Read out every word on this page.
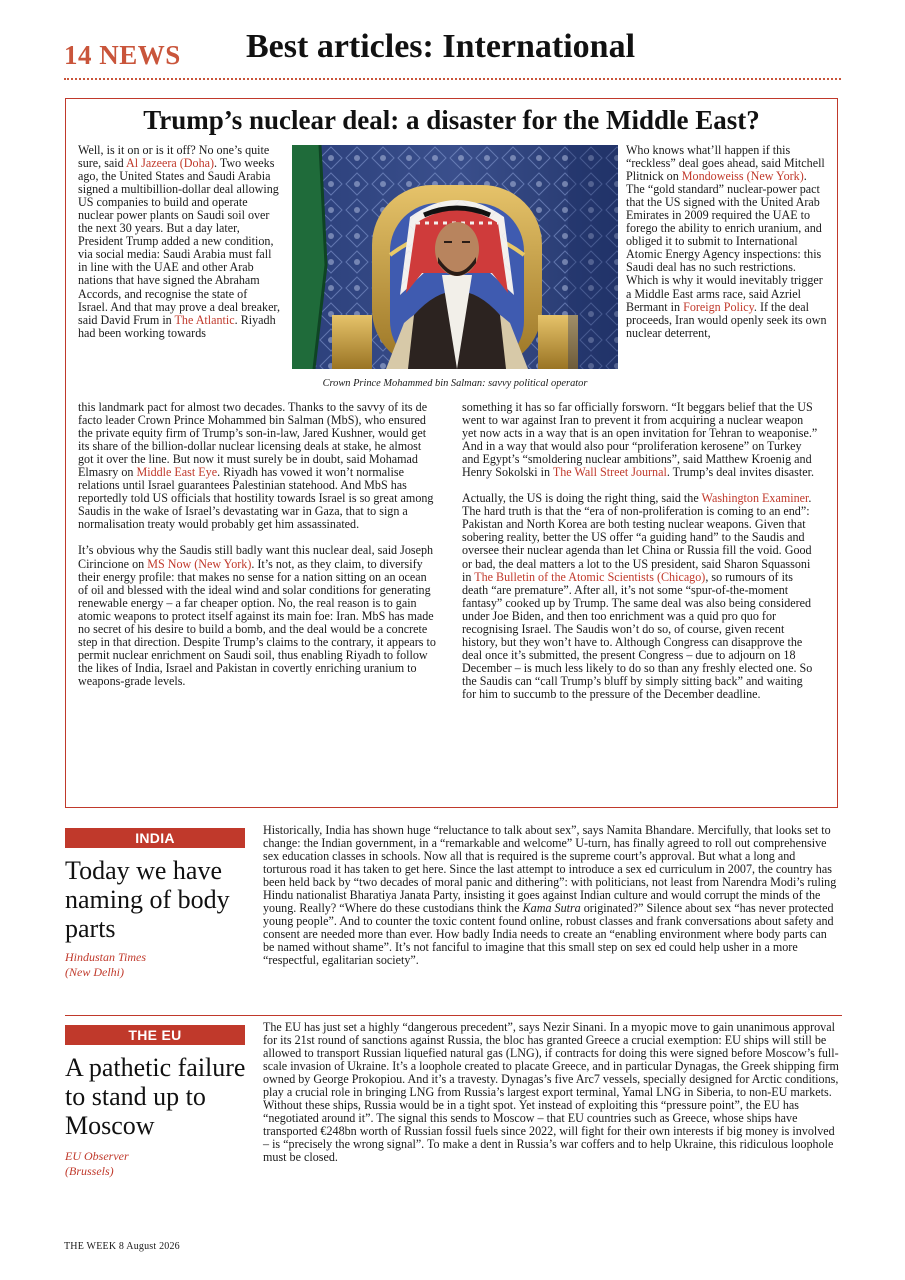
14 NEWS Best articles: International
Trump’s nuclear deal: a disaster for the Middle East?

Well, is it on or is it off? No one’s quite sure, said Al Jazeera (Doha). Two weeks ago, the United States and Saudi Arabia signed a multibillion-dollar deal allowing US companies to build and operate nuclear power plants on Saudi soil over the next 30 years. But a day later, President Trump added a new condition, via social media: Saudi Arabia must fall in line with the UAE and other Arab nations that have signed the Abraham Accords, and recognise the state of Israel. And that may prove a deal breaker, said David Frum in The Atlantic. Riyadh had been working towards

Crown Prince Mohammed bin Salman: savvy political operator

this landmark pact for almost two decades. Thanks to the savvy of its de facto leader Crown Prince Mohammed bin Salman (MbS), who ensured the private equity firm of Trump’s son-in-law, Jared Kushner, would get its share of the billion-dollar nuclear licensing deals at stake, he almost got it over the line. But now it must surely be in doubt, said Mohamad Elmasry on Middle East Eye. Riyadh has vowed it won’t normalise relations until Israel guarantees Palestinian statehood. And MbS has reportedly told US officials that hostility towards Israel is so great among Saudis in the wake of Israel’s devastating war in Gaza, that to sign a normalisation treaty would probably get him assassinated.

It’s obvious why the Saudis still badly want this nuclear deal, said Joseph Cirincione on MS Now (New York). It’s not, as they claim, to diversify their energy profile: that makes no sense for a nation sitting on an ocean of oil and blessed with the ideal wind and solar conditions for generating renewable energy – a far cheaper option. No, the real reason is to gain atomic weapons to protect itself against its main foe: Iran. MbS has made no secret of his desire to build a bomb, and the deal would be a concrete step in that direction. Despite Trump’s claims to the contrary, it appears to permit nuclear enrichment on Saudi soil, thus enabling Riyadh to follow the likes of India, Israel and Pakistan in covertly enriching uranium to weapons-grade levels.

Who knows what’ll happen if this “reckless” deal goes ahead, said Mitchell Plitnick on Mondoweiss (New York). The “gold standard” nuclear-power pact that the US signed with the United Arab Emirates in 2009 required the UAE to forego the ability to enrich uranium, and obliged it to submit to International Atomic Energy Agency inspections: this Saudi deal has no such restrictions. Which is why it would inevitably trigger a Middle East arms race, said Azriel Bermant in Foreign Policy. If the deal proceeds, Iran would openly seek its own nuclear deterrent,

something it has so far officially forsworn. “It beggars belief that the US went to war against Iran to prevent it from acquiring a nuclear weapon yet now acts in a way that is an open invitation for Tehran to weaponise.” And in a way that would also pour “proliferation kerosene” on Turkey and Egypt’s “smoldering nuclear ambitions”, said Matthew Kroenig and Henry Sokolski in The Wall Street Journal. Trump’s deal invites disaster.

Actually, the US is doing the right thing, said the Washington Examiner. The hard truth is that the “era of non-proliferation is coming to an end”: Pakistan and North Korea are both testing nuclear weapons. Given that sobering reality, better the US offer “a guiding hand” to the Saudis and oversee their nuclear agenda than let China or Russia fill the void. Good or bad, the deal matters a lot to the US president, said Sharon Squassoni in The Bulletin of the Atomic Scientists (Chicago), so rumours of its death “are premature”. After all, it’s not some “spur-of-the-moment fantasy” cooked up by Trump. The same deal was also being considered under Joe Biden, and then too enrichment was a quid pro quo for recognising Israel. The Saudis won’t do so, of course, given recent history, but they won’t have to. Although Congress can disapprove the deal once it’s submitted, the present Congress – due to adjourn on 18 December – is much less likely to do so than any freshly elected one. So the Saudis can “call Trump’s bluff by simply sitting back” and waiting for him to succumb to the pressure of the December deadline.

INDIA
Today we have naming of body parts
Hindustan Times
(New Delhi)

Historically, India has shown huge “reluctance to talk about sex”, says Namita Bhandare. Mercifully, that looks set to change: the Indian government, in a “remarkable and welcome” U-turn, has finally agreed to roll out comprehensive sex education classes in schools. Now all that is required is the supreme court’s approval. But what a long and torturous road it has taken to get here. Since the last attempt to introduce a sex ed curriculum in 2007, the country has been held back by “two decades of moral panic and dithering”: with politicians, not least from Narendra Modi’s ruling Hindu nationalist Bharatiya Janata Party, insisting it goes against Indian culture and would corrupt the minds of the young. Really? “Where do these custodians think the Kama Sutra originated?” Silence about sex “has never protected young people”. And to counter the toxic content found online, robust classes and frank conversations about safety and consent are needed more than ever. How badly India needs to create an “enabling environment where body parts can be named without shame”. It’s not fanciful to imagine that this small step on sex ed could help usher in a more “respectful, egalitarian society”.

THE EU
A pathetic failure to stand up to Moscow
EU Observer
(Brussels)

The EU has just set a highly “dangerous precedent”, says Nezir Sinani. In a myopic move to gain unanimous approval for its 21st round of sanctions against Russia, the bloc has granted Greece a crucial exemption: EU ships will still be allowed to transport Russian liquefied natural gas (LNG), if contracts for doing this were signed before Moscow’s full-scale invasion of Ukraine. It’s a loophole created to placate Greece, and in particular Dynagas, the Greek shipping firm owned by George Prokopiou. And it’s a travesty. Dynagas’s five Arc7 vessels, specially designed for Arctic conditions, play a crucial role in bringing LNG from Russia’s largest export terminal, Yamal LNG in Siberia, to non-EU markets. Without these ships, Russia would be in a tight spot. Yet instead of exploiting this “pressure point”, the EU has “negotiated around it”. The signal this sends to Moscow – that EU countries such as Greece, whose ships have transported €248bn worth of Russian fossil fuels since 2022, will fight for their own interests if big money is involved – is “precisely the wrong signal”. To make a dent in Russia’s war coffers and to help Ukraine, this ridiculous loophole must be closed.

THE WEEK 8 August 2026
